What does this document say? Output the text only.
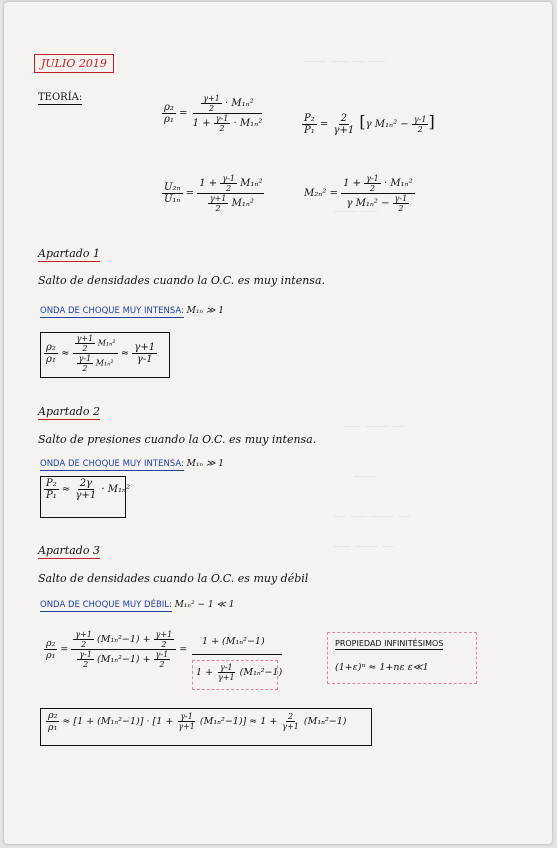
———— ——— —— ———
———— ———
——— ———— ——
————
—— ——— ———— ——
——— ———— ——
JULIO 2019
TEORÍA:
$\frac{\text{ρ₂}}{\text{ρ₁}} = \frac{\frac{\gamma+1}{2} \cdot M_{1n}^2}{1 + \frac{\gamma-1}{2} \cdot M_{1n}^2}$	$\frac{\text{P₂}}{\text{P₁}} = \frac{2}{\gamma+1} [\gamma$ $M_{1n}^2 - \frac{\gamma-1}{2}$ ]
$\frac{\text{U₂ₙ}}{\text{U₁ₙ}} = \frac{1 + \frac{\gamma-1}{2} M_{1n}^2}{\frac{\gamma+1}{2} M_{1n}^2}$	$M_{2n}^2 = \frac{1 + \frac{\gamma-1}{2} \cdot M_{1n}^2}{\gamma M_{1n}^2 - \frac{\gamma-1}{2}}$
Apartado 1
Salto de densidades cuando la O.C. es muy intensa.
ONDA DE CHOQUE MUY INTENSA: M₁ₙ ≫ 1
$\frac{\text{ρ₂}}{\text{ρ₁}} \approx \frac{\frac{\gamma+1}{2} M_{1n}^2}{\frac{\gamma-1}{2} M_{1n}^2} \approx \frac{\gamma+1}{\gamma-1}$
Apartado 2
Salto de presiones cuando la O.C. es muy intensa.
ONDA DE CHOQUE MUY INTENSA: M₁ₙ ≫ 1
$\frac{\text{P₂}}{\text{P₁}} \approx \frac{2\gamma}{\gamma+1} \cdot M_{1n}^2$
Apartado 3
Salto de densidades cuando la O.C. es muy débil
ONDA DE CHOQUE MUY DÉBIL: M₁ₙ² − 1 ≪ 1
$\frac{\text{ρ₂}}{\text{ρ₁}} = \frac{\frac{\gamma+1}{2} (M_{1n}^2-1) + \frac{\gamma+1}{2}}{\frac{\gamma-1}{2} (M_{1n}^2-1) + \frac{\gamma-1}{2}}$ =
1 + (M₁ₙ²−1)
$1 + \frac{\gamma-1}{\gamma+1} (M_{1n}^2-1)$
PROPIEDAD INFINITÉSIMOS
(1+ε)ⁿ ≈ 1+nε ε≪1
$\frac{\text{ρ₂}}{\text{ρ₁}} \approx [1 + (M_{1n}^2-1)] \cdot [1 + \frac{\gamma-1}{\gamma+1} (M_{1n}^2-1)] \approx 1 + \frac{2}{\gamma+1} (M_{1n}^2-1)$
